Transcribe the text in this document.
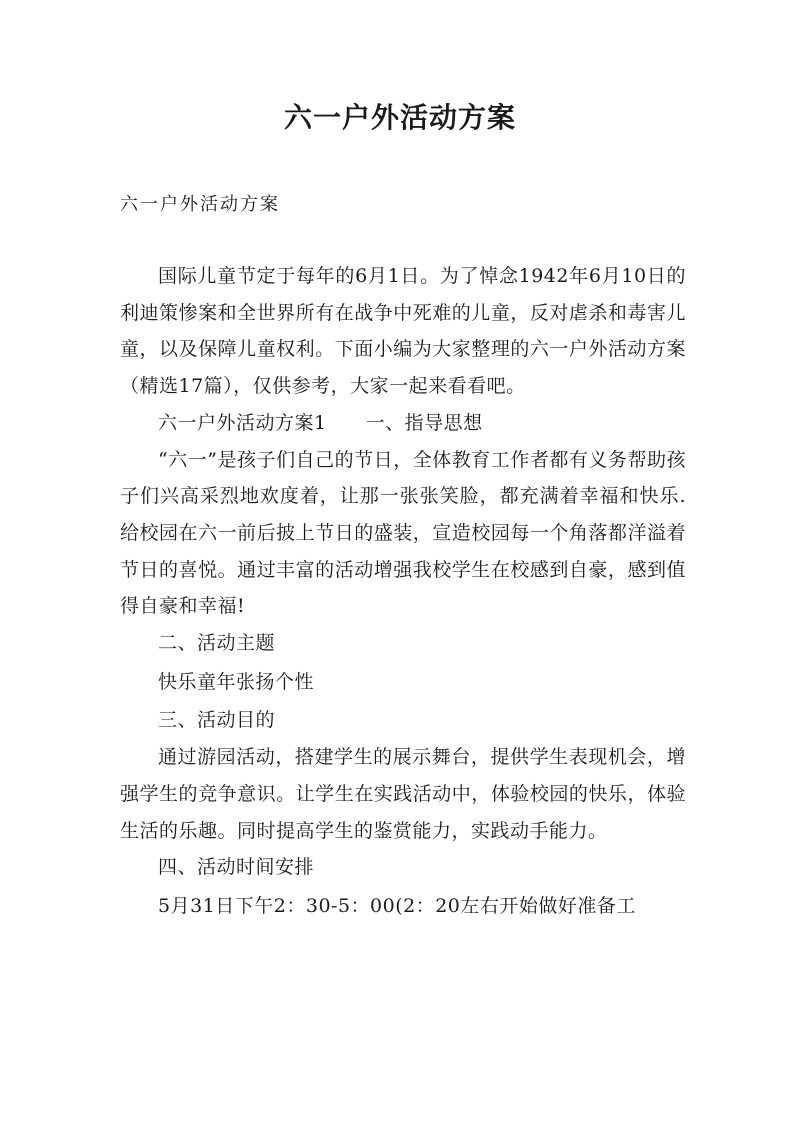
六一户外活动方案
六一户外活动方案

国际儿童节定于每年的6月1日。为了悼念1942年6月10日的利迪策惨案和全世界所有在战争中死难的儿童，反对虐杀和毒害儿童，以及保障儿童权利。下面小编为大家整理的六一户外活动方案（精选17篇），仅供参考，大家一起来看看吧。

六一户外活动方案1　　一、指导思想

“六一”是孩子们自己的节日，全体教育工作者都有义务帮助孩子们兴高采烈地欢度着，让那一张张笑脸，都充满着幸福和快乐.给校园在六一前后披上节日的盛装，宣造校园每一个角落都洋溢着节日的喜悦。通过丰富的活动增强我校学生在校感到自豪，感到值得自豪和幸福!

二、活动主题

快乐童年张扬个性

三、活动目的

通过游园活动，搭建学生的展示舞台，提供学生表现机会，增强学生的竞争意识。让学生在实践活动中，体验校园的快乐，体验生活的乐趣。同时提高学生的鉴赏能力，实践动手能力。

四、活动时间安排

5月31日下午2：30-5：00(2：20左右开始做好准备工
